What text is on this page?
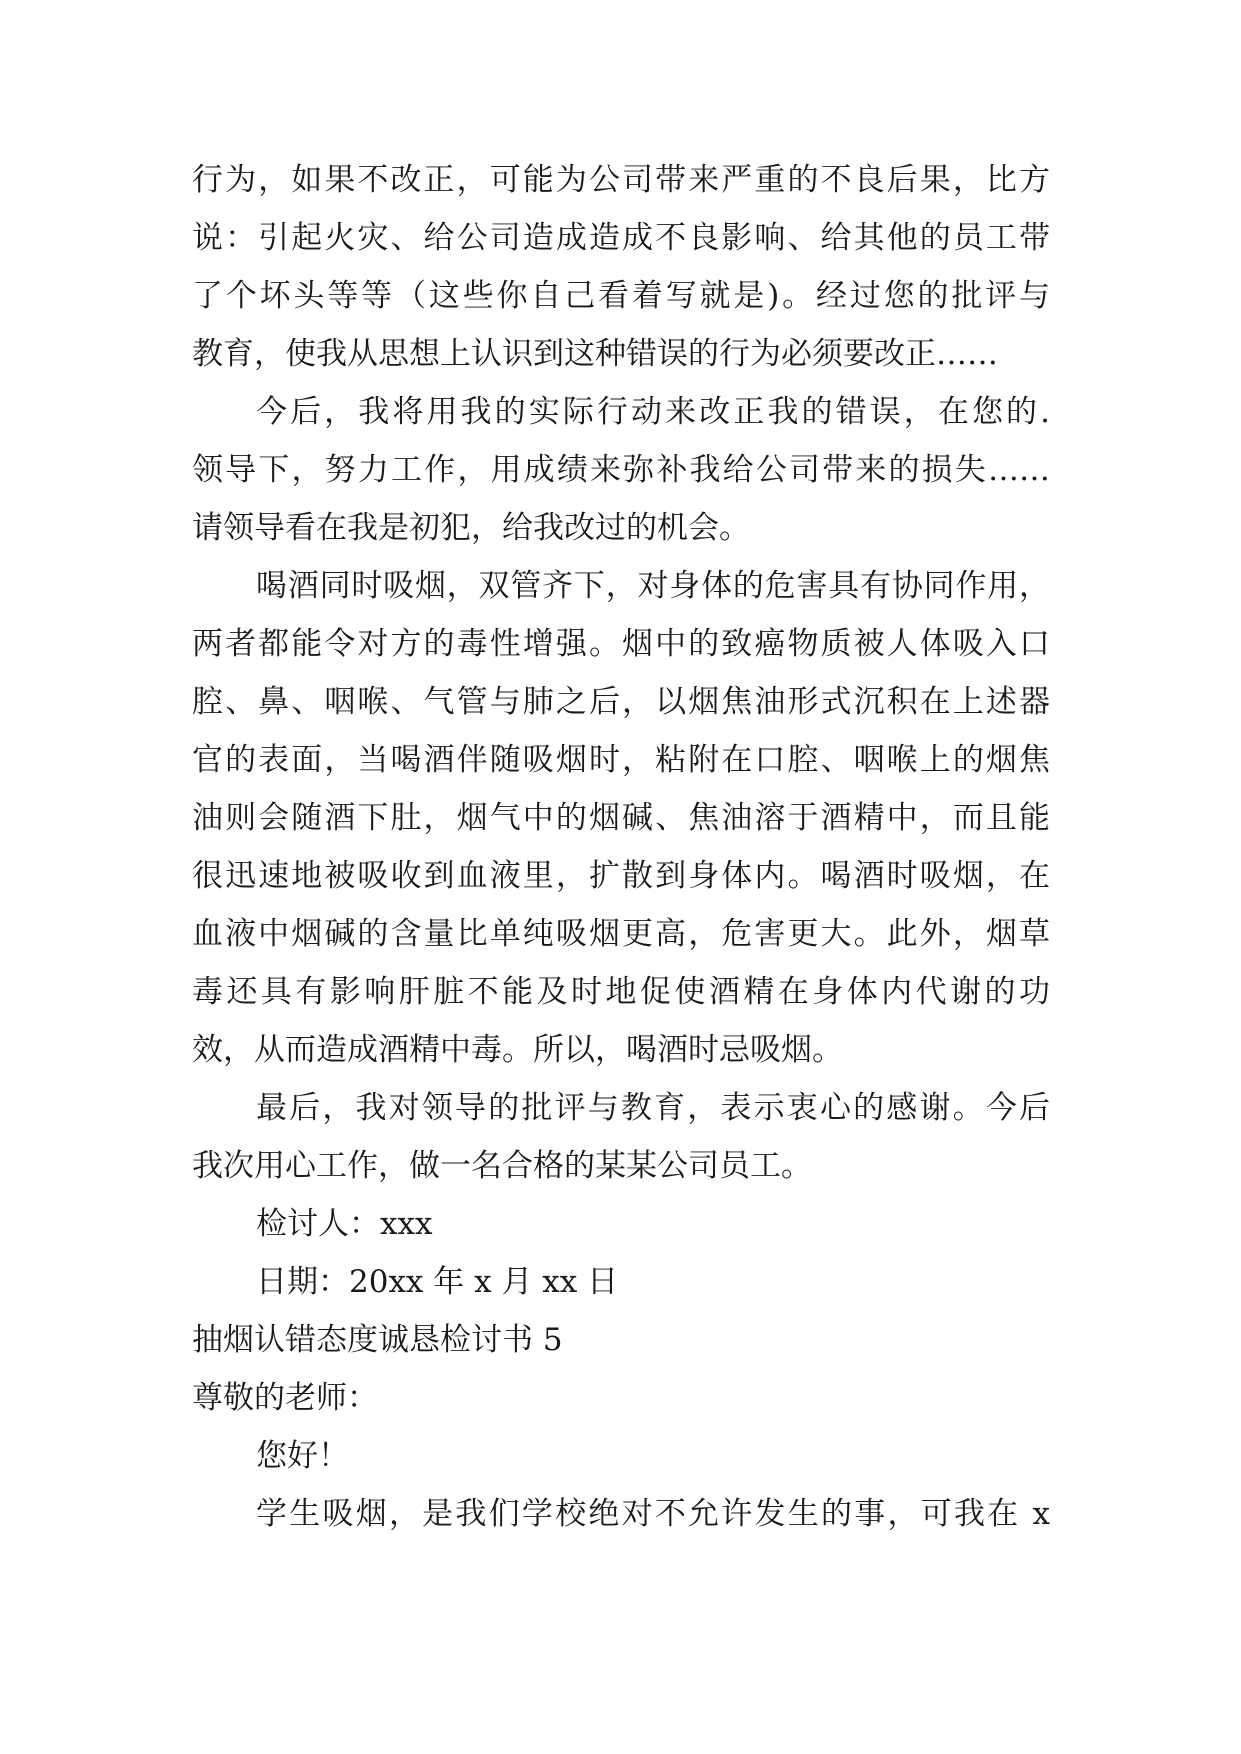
行为，如果不改正，可能为公司带来严重的不良后果，比方
说：引起火灾、给公司造成造成不良影响、给其他的员工带
了个坏头等等（这些你自己看着写就是)。经过您的批评与
教育，使我从思想上认识到这种错误的行为必须要改正……
今后，我将用我的实际行动来改正我的错误，在您的.
领导下，努力工作，用成绩来弥补我给公司带来的损失……
请领导看在我是初犯，给我改过的机会。
喝酒同时吸烟，双管齐下，对身体的危害具有协同作用，
两者都能令对方的毒性增强。烟中的致癌物质被人体吸入口
腔、鼻、咽喉、气管与肺之后，以烟焦油形式沉积在上述器
官的表面，当喝酒伴随吸烟时，粘附在口腔、咽喉上的烟焦
油则会随酒下肚，烟气中的烟碱、焦油溶于酒精中，而且能
很迅速地被吸收到血液里，扩散到身体内。喝酒时吸烟，在
血液中烟碱的含量比单纯吸烟更高，危害更大。此外，烟草
毒还具有影响肝脏不能及时地促使酒精在身体内代谢的功
效，从而造成酒精中毒。所以，喝酒时忌吸烟。
最后，我对领导的批评与教育，表示衷心的感谢。今后
我次用心工作，做一名合格的某某公司员工。
检讨人：xxx
日期：20xx 年 x 月 xx 日
抽烟认错态度诚恳检讨书 5
尊敬的老师：
您好！
学生吸烟，是我们学校绝对不允许发生的事，可我在 x
